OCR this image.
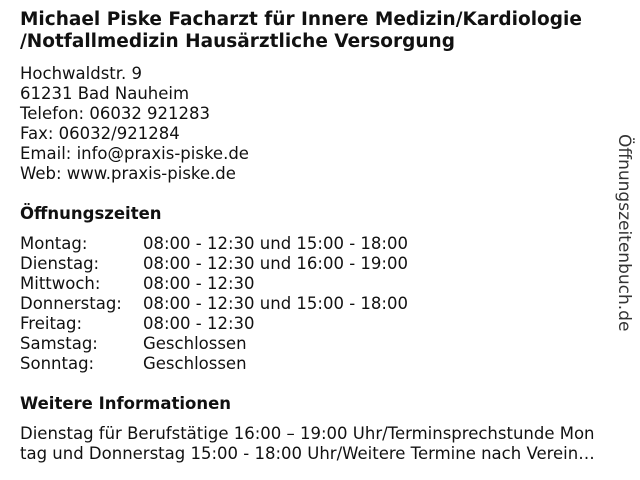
Michael Piske Facharzt für Innere Medizin/Kardiologie
/Notfallmedizin Hausärztliche Versorgung
Hochwaldstr. 9
61231 Bad Nauheim
Telefon: 06032 921283
Fax: 06032/921284
Email: info@praxis-piske.de
Web: www.praxis-piske.de
Öffnungszeiten
Montag:	08:00 - 12:30 und 15:00 - 18:00
Dienstag:	08:00 - 12:30 und 16:00 - 19:00
Mittwoch:	08:00 - 12:30
Donnerstag:	08:00 - 12:30 und 15:00 - 18:00
Freitag:	08:00 - 12:30
Samstag:	Geschlossen
Sonntag:	Geschlossen
Weitere Informationen
Dienstag für Berufstätige 16:00 – 19:00 Uhr/Terminsprechstunde Mon
tag und Donnerstag 15:00 - 18:00 Uhr/Weitere Termine nach Verein…
Öffnungszeitenbuch.de
